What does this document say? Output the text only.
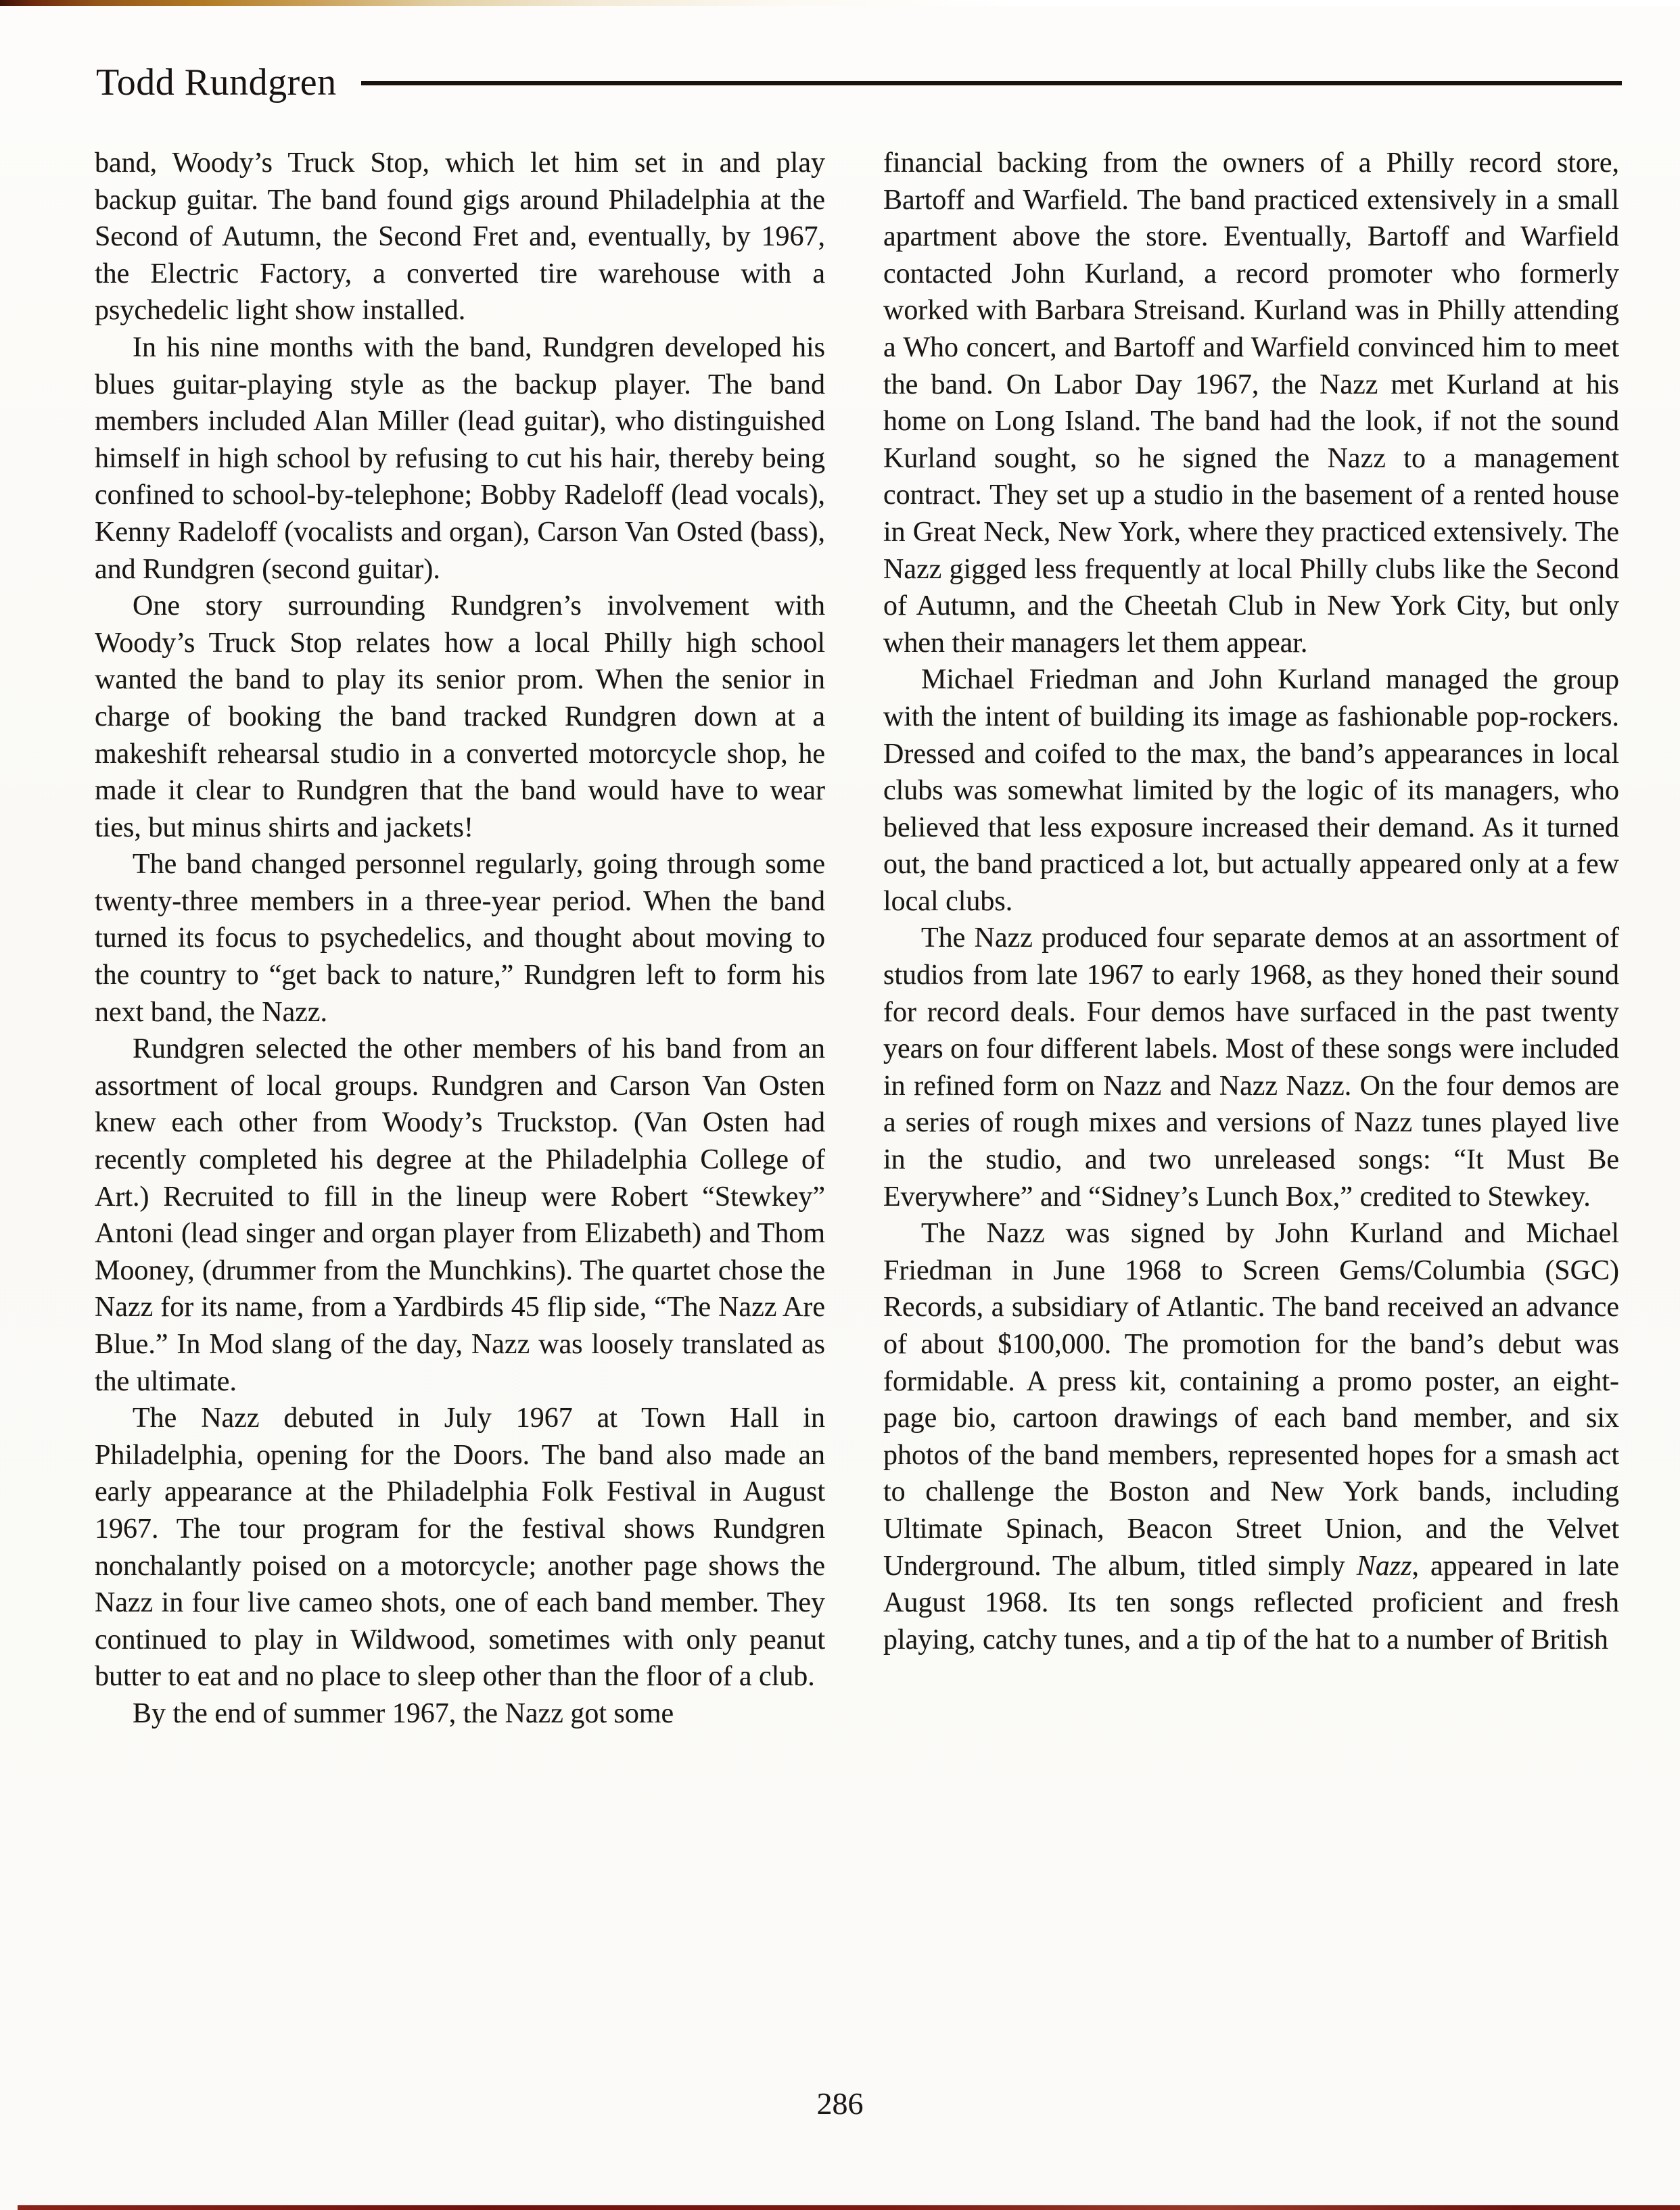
Todd Rundgren

band, Woody’s Truck Stop, which let him set in and play backup guitar. The band found gigs around Philadelphia at the Second of Autumn, the Second Fret and, eventually, by 1967, the Electric Factory, a converted tire warehouse with a psychedelic light show installed.

In his nine months with the band, Rundgren developed his blues guitar-playing style as the backup player. The band members included Alan Miller (lead guitar), who distinguished himself in high school by refusing to cut his hair, thereby being confined to school-by-telephone; Bobby Radeloff (lead vocals), Kenny Radeloff (vocalists and organ), Carson Van Osted (bass), and Rundgren (second guitar).

One story surrounding Rundgren’s involvement with Woody’s Truck Stop relates how a local Philly high school wanted the band to play its senior prom. When the senior in charge of booking the band tracked Rundgren down at a makeshift rehearsal studio in a converted motorcycle shop, he made it clear to Rundgren that the band would have to wear ties, but minus shirts and jackets!

The band changed personnel regularly, going through some twenty-three members in a three-year period. When the band turned its focus to psychedelics, and thought about moving to the country to “get back to nature,” Rundgren left to form his next band, the Nazz.

Rundgren selected the other members of his band from an assortment of local groups. Rundgren and Carson Van Osten knew each other from Woody’s Truckstop. (Van Osten had recently completed his degree at the Philadelphia College of Art.) Recruited to fill in the lineup were Robert “Stewkey” Antoni (lead singer and organ player from Elizabeth) and Thom Mooney, (drummer from the Munchkins). The quartet chose the Nazz for its name, from a Yardbirds 45 flip side, “The Nazz Are Blue.” In Mod slang of the day, Nazz was loosely translated as the ultimate.

The Nazz debuted in July 1967 at Town Hall in Philadelphia, opening for the Doors. The band also made an early appearance at the Philadelphia Folk Festival in August 1967. The tour program for the festival shows Rundgren nonchalantly poised on a motorcycle; another page shows the Nazz in four live cameo shots, one of each band member. They continued to play in Wildwood, sometimes with only peanut butter to eat and no place to sleep other than the floor of a club.

By the end of summer 1967, the Nazz got some

financial backing from the owners of a Philly record store, Bartoff and Warfield. The band practiced extensively in a small apartment above the store. Eventually, Bartoff and Warfield contacted John Kurland, a record promoter who formerly worked with Barbara Streisand. Kurland was in Philly attending a Who concert, and Bartoff and Warfield convinced him to meet the band. On Labor Day 1967, the Nazz met Kurland at his home on Long Island. The band had the look, if not the sound Kurland sought, so he signed the Nazz to a management contract. They set up a studio in the basement of a rented house in Great Neck, New York, where they practiced extensively. The Nazz gigged less frequently at local Philly clubs like the Second of Autumn, and the Cheetah Club in New York City, but only when their managers let them appear.

Michael Friedman and John Kurland managed the group with the intent of building its image as fashionable pop-rockers. Dressed and coifed to the max, the band’s appearances in local clubs was somewhat limited by the logic of its managers, who believed that less exposure increased their demand. As it turned out, the band practiced a lot, but actually appeared only at a few local clubs.

The Nazz produced four separate demos at an assortment of studios from late 1967 to early 1968, as they honed their sound for record deals. Four demos have surfaced in the past twenty years on four different labels. Most of these songs were included in refined form on Nazz and Nazz Nazz. On the four demos are a series of rough mixes and versions of Nazz tunes played live in the studio, and two unreleased songs: “It Must Be Everywhere” and “Sidney’s Lunch Box,” credited to Stewkey.

The Nazz was signed by John Kurland and Michael Friedman in June 1968 to Screen Gems/Columbia (SGC) Records, a subsidiary of Atlantic. The band received an advance of about $100,000. The promotion for the band’s debut was formidable. A press kit, containing a promo poster, an eight-page bio, cartoon drawings of each band member, and six photos of the band members, represented hopes for a smash act to challenge the Boston and New York bands, including Ultimate Spinach, Beacon Street Union, and the Velvet Underground. The album, titled simply Nazz, appeared in late August 1968. Its ten songs reflected proficient and fresh playing, catchy tunes, and a tip of the hat to a number of British

286
